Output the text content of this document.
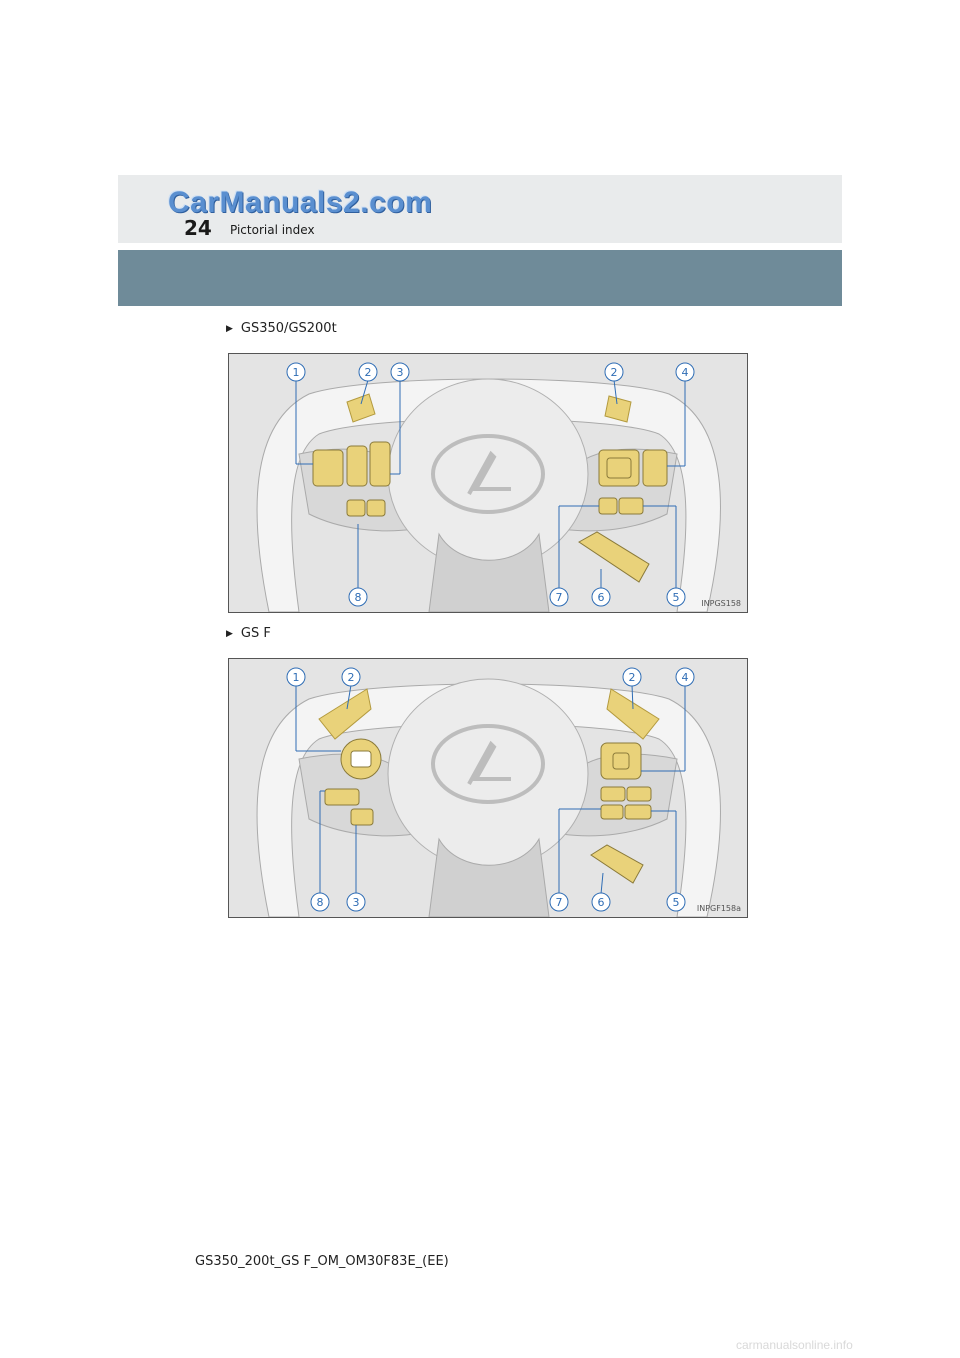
CarManuals2.com
24 Pictorial index
▶ GS350/GS200t
1	2 3	2	4
8	7	6	5	INPGS158
▶ GS F
1	2	2	4
8	3	7	6	5 INPGF158a
GS350_200t_GS F_OM_OM30F83E_(EE)
carmanualsonline.info
